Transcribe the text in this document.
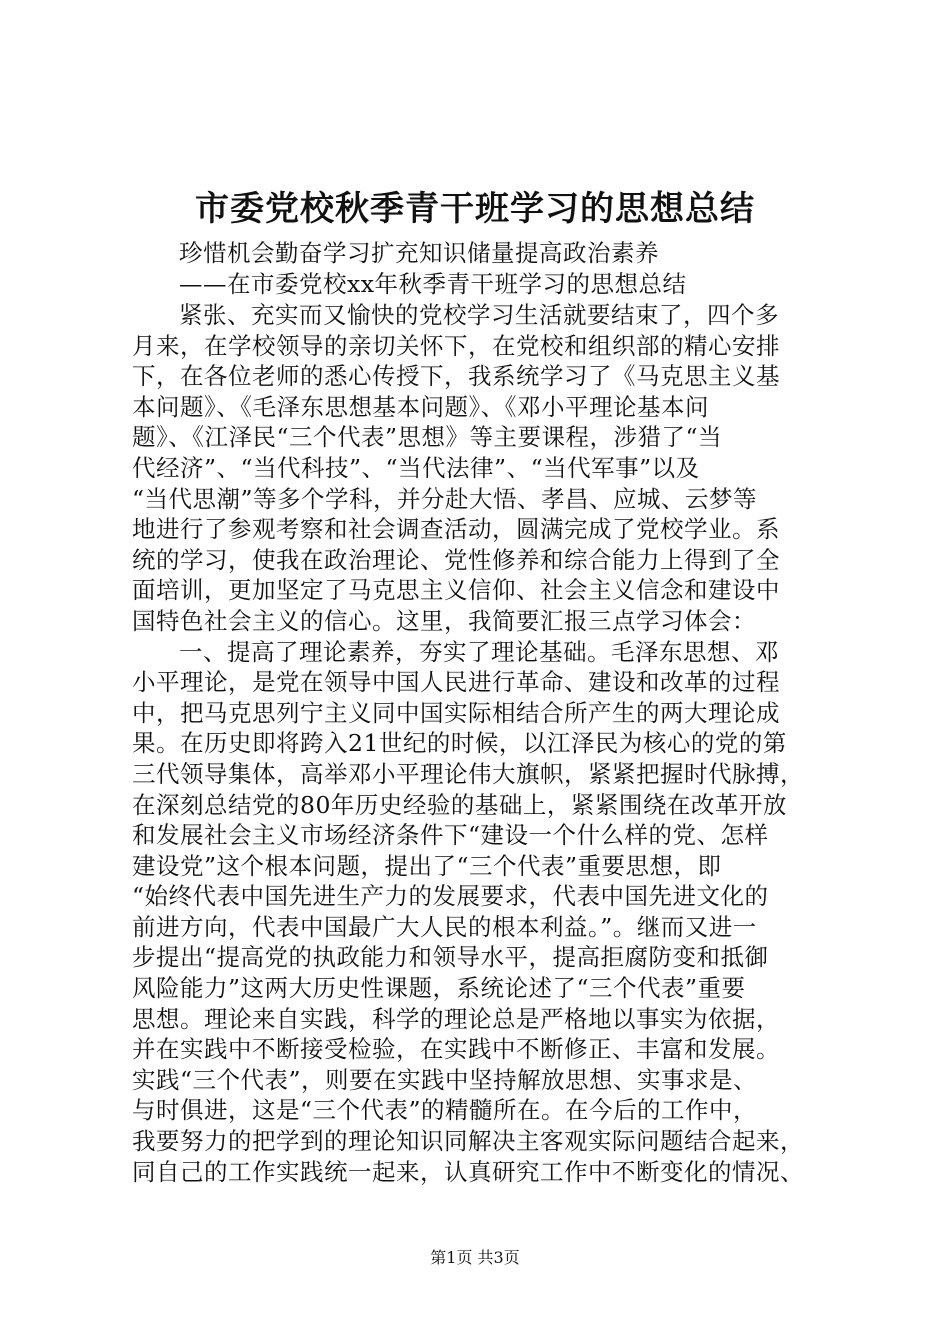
市委党校秋季青干班学习的思想总结
珍惜机会勤奋学习扩充知识储量提高政治素养
——在市委党校xx年秋季青干班学习的思想总结
紧张、充实而又愉快的党校学习生活就要结束了，四个多
月来，在学校领导的亲切关怀下，在党校和组织部的精心安排
下，在各位老师的悉心传授下，我系统学习了《马克思主义基
本问题》、《毛泽东思想基本问题》、《邓小平理论基本问
题》、《江泽民“三个代表”思想》等主要课程，涉猎了“当
代经济”、“当代科技”、“当代法律”、“当代军事”以及
“当代思潮”等多个学科，并分赴大悟、孝昌、应城、云梦等
地进行了参观考察和社会调查活动，圆满完成了党校学业。系
统的学习，使我在政治理论、党性修养和综合能力上得到了全
面培训，更加坚定了马克思主义信仰、社会主义信念和建设中
国特色社会主义的信心。这里，我简要汇报三点学习体会：
一、提高了理论素养，夯实了理论基础。毛泽东思想、邓
小平理论，是党在领导中国人民进行革命、建设和改革的过程
中，把马克思列宁主义同中国实际相结合所产生的两大理论成
果。在历史即将跨入21世纪的时候，以江泽民为核心的党的第
三代领导集体，高举邓小平理论伟大旗帜，紧紧把握时代脉搏，
在深刻总结党的80年历史经验的基础上，紧紧围绕在改革开放
和发展社会主义市场经济条件下“建设一个什么样的党、怎样
建设党”这个根本问题，提出了“三个代表”重要思想，即
“始终代表中国先进生产力的发展要求，代表中国先进文化的
前进方向，代表中国最广大人民的根本利益。”。继而又进一
步提出“提高党的执政能力和领导水平，提高拒腐防变和抵御
风险能力”这两大历史性课题，系统论述了“三个代表”重要
思想。理论来自实践，科学的理论总是严格地以事实为依据，
并在实践中不断接受检验，在实践中不断修正、丰富和发展。
实践“三个代表”，则要在实践中坚持解放思想、实事求是、
与时俱进，这是“三个代表”的精髓所在。在今后的工作中，
我要努力的把学到的理论知识同解决主客观实际问题结合起来，
同自己的工作实践统一起来，认真研究工作中不断变化的情况、
第1页 共3页
